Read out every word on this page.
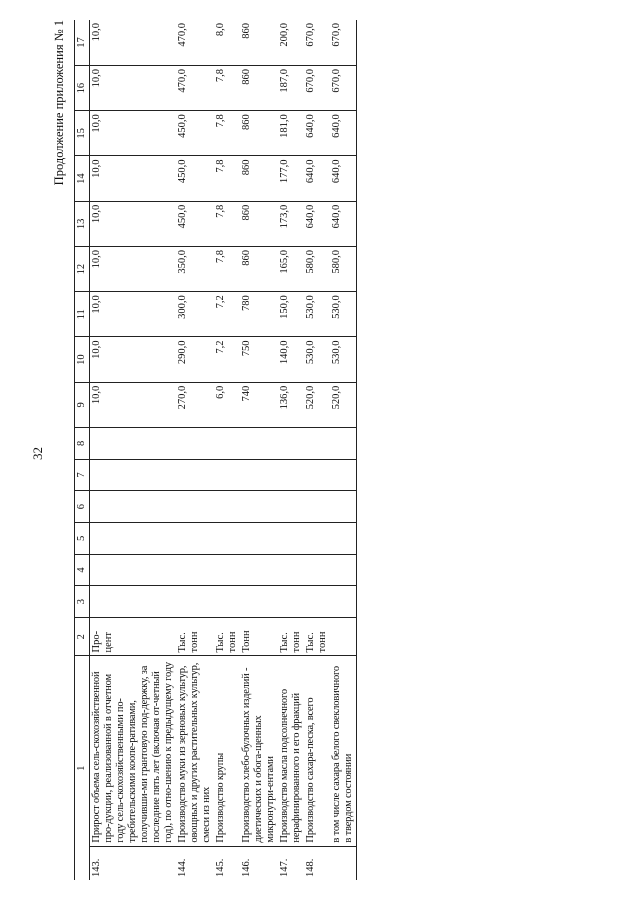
32
Продолжение приложения № 1
1		2	3	4	5	6	7	8	9	10	11	12	13	14	15	16	17
143.	Прирост объема сель-скохозяйственной про-дукции, реализованной в отчетном году сель-скохозяйственными по-требительскими коопе-ративами, получивши-ми грантовую под-держку, за последние пять лет (включая от-четный год), по отно-шению к предыдущему году	Про-цент							10,0	10,0	10,0	10,0	10,0	10,0	10,0	10,0	10,0
144.	Производство муки из зерновых культур, овощных и других растительных культур, смеси из них	Тыс. тонн							270,0	290,0	300,0	350,0	450,0	450,0	450,0	470,0	470,0
145.	Производство крупы	Тыс. тонн							6,0	7,2	7,2	7,8	7,8	7,8	7,8	7,8	8,0
146.	Производство хлебо-булочных изделий - диетических и обога-щенных микронутри-ентами	Тонн							740	750	780	860	860	860	860	860	860
147.	Производство масла подсолнечного нерафинированного и его фракций	Тыс. тонн							136,0	140,0	150,0	165,0	173,0	177,0	181,0	187,0	200,0
148.	Производство сахара-песка, всего	Тыс. тонн							520,0	530,0	530,0	580,0	640,0	640,0	640,0	670,0	670,0
	в том числе сахара белого свекловичного в твердом состоянии								520,0	530,0	530,0	580,0	640,0	640,0	640,0	670,0	670,0
